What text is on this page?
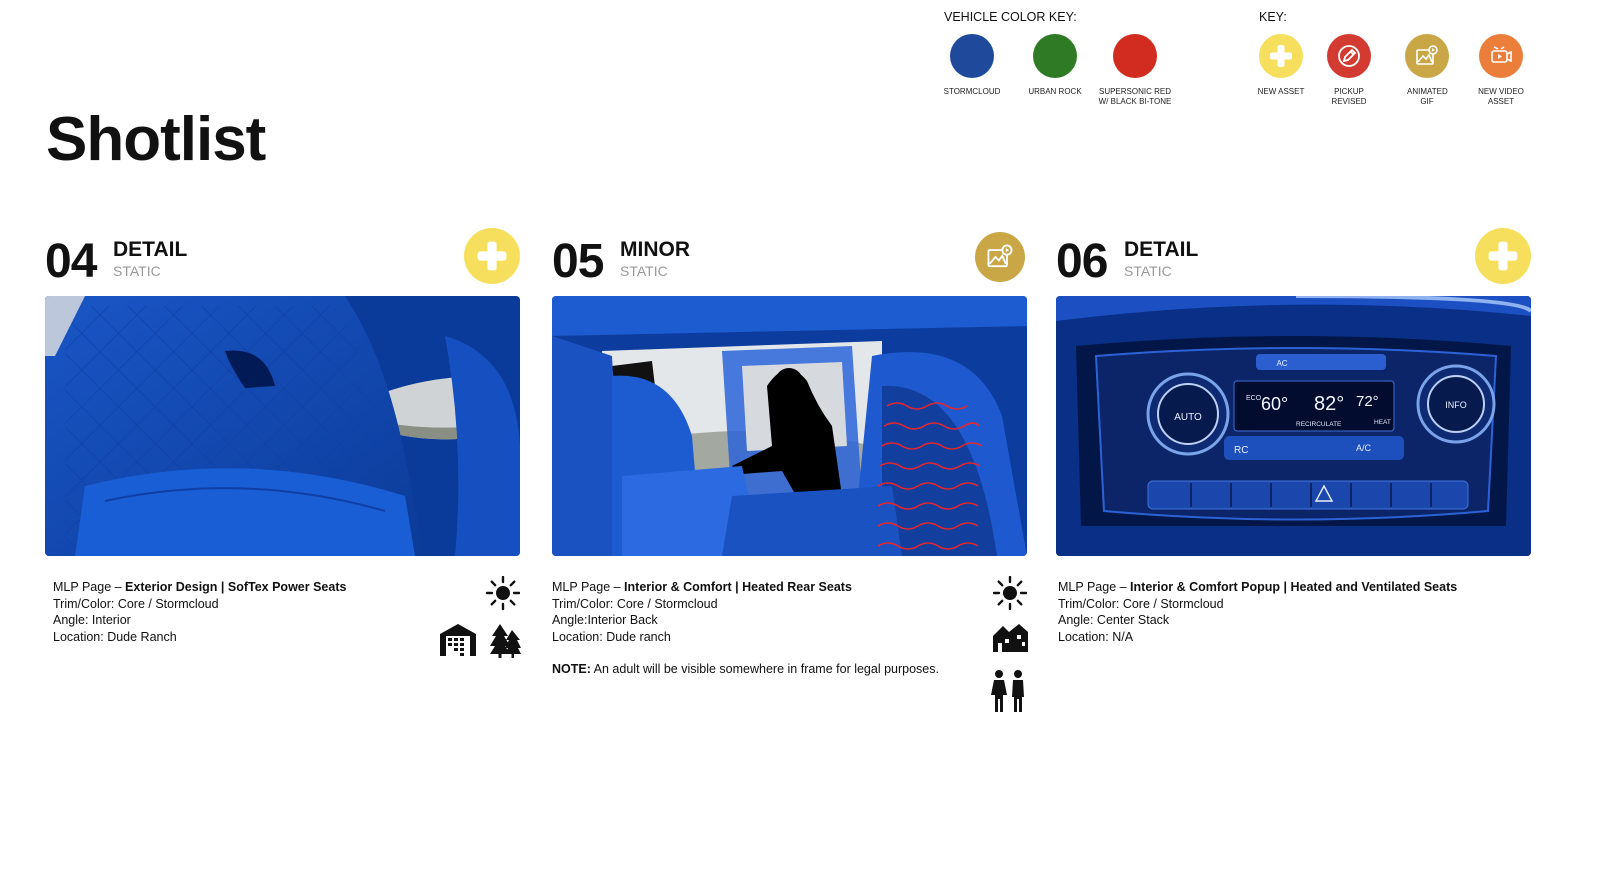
Shotlist
VEHICLE COLOR KEY:
STORMCLOUD	URBAN ROCK	SUPERSONIC RED W/ BLACK BI-TONE
KEY:
NEW ASSET	PICKUP REVISED
ANIMATED GIF
NEW VIDEO ASSET
04 DETAIL
STATIC
MLP Page – Exterior Design | SofTex Power Seats
Trim/Color: Core / Stormcloud
Angle: Interior
Location: Dude Ranch
05 MINOR
STATIC
MLP Page – Interior & Comfort | Heated Rear Seats
Trim/Color: Core / Stormcloud
Angle:Interior Back
Location: Dude ranch
NOTE: An adult will be visible somewhere in frame for legal purposes.
06 DETAIL
STATIC
AUTO
INFO
AC
ECO 60° 82° 72°
RECIRCULATE	HEAT
RC	A/C
MLP Page – Interior & Comfort Popup | Heated and Ventilated Seats
Trim/Color: Core / Stormcloud
Angle: Center Stack
Location: N/A
